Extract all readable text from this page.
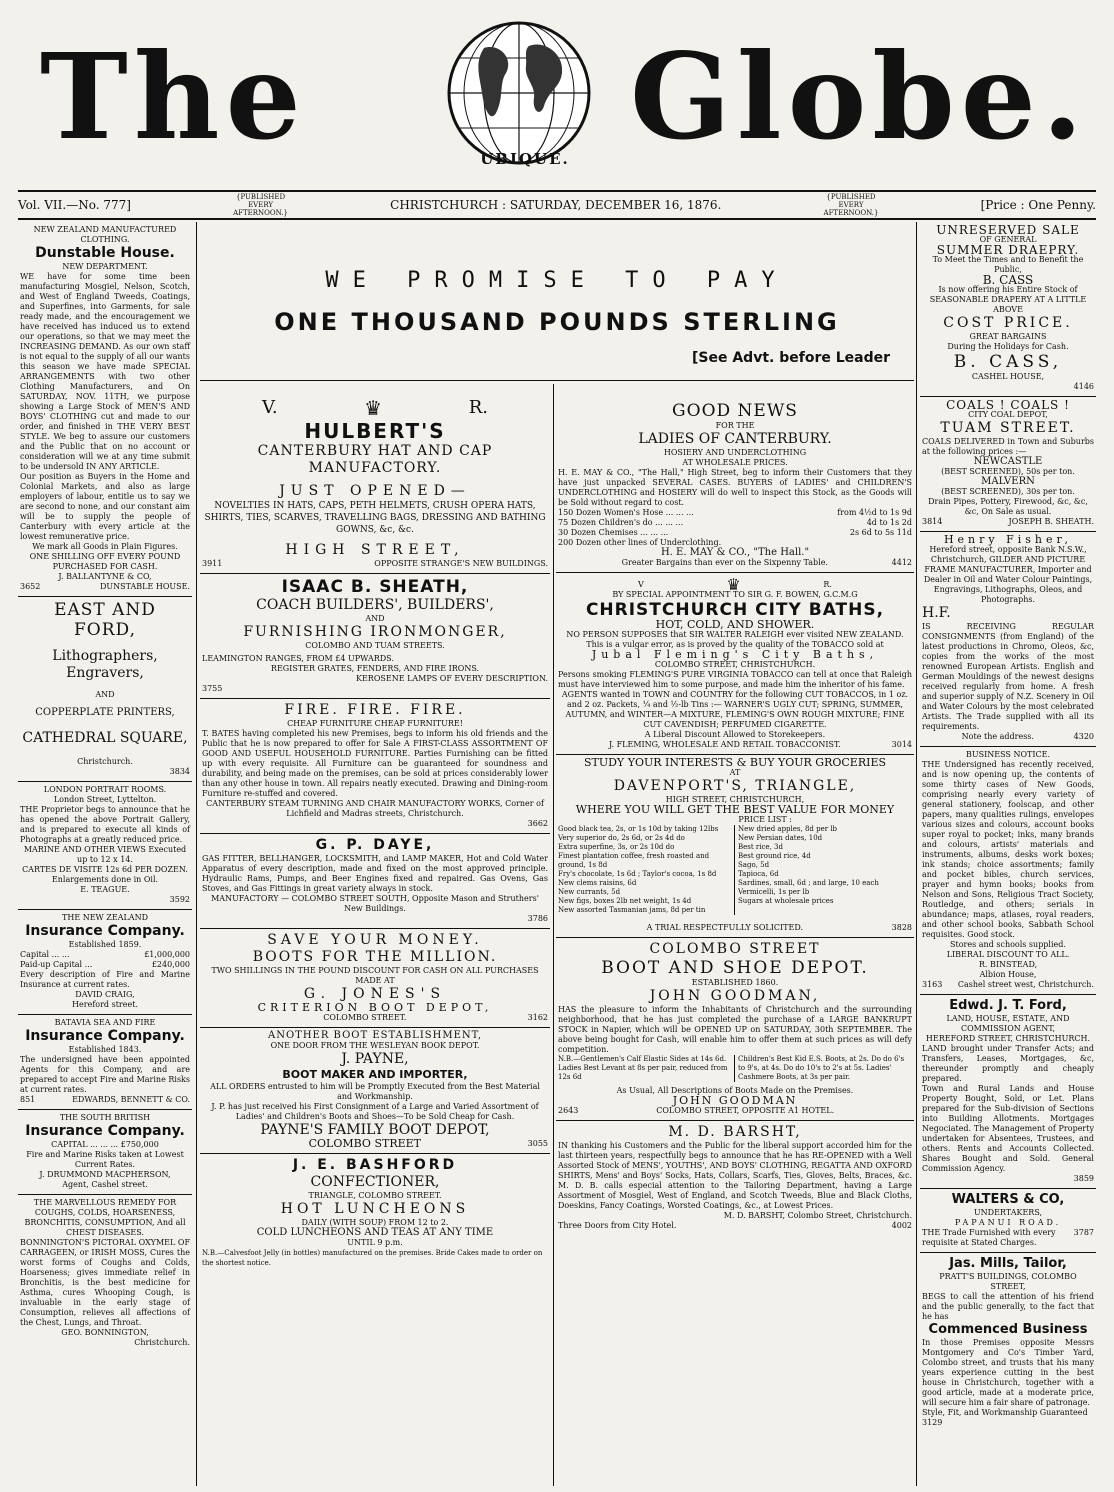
The	UBIQUE. Globe.
Vol. VII.—No. 777]
{PUBLISHED EVERY AFTERNOON.}
CHRISTCHURCH : SATURDAY, DECEMBER 16, 1876.
{PUBLISHED EVERY AFTERNOON.}
[Price : One Penny.
WE PROMISE TO PAY
ONE THOUSAND POUNDS STERLING
[See Advt. before Leader
NEW ZEALAND MANUFACTURED CLOTHING.
Dunstable House.
NEW DEPARTMENT.
WE have for some time been manufacturing Mosgiel, Nelson, Scotch, and West of England Tweeds, Coatings, and Superfines, into Garments, for sale ready made, and the encouragement we have received has induced us to extend our operations, so that we may meet the INCREASING DEMAND. As our own staff is not equal to the supply of all our wants this season we have made SPECIAL ARRANGEMENTS with two other Clothing Manufacturers, and On SATURDAY, NOV. 11TH, we purpose showing a Large Stock of MEN'S AND BOYS' CLOTHING cut and made to our order, and finished in THE VERY BEST STYLE. We beg to assure our customers and the Public that on no account or consideration will we at any time submit to be undersold IN ANY ARTICLE.
Our position as Buyers in the Home and Colonial Markets, and also as large employers of labour, entitle us to say we are second to none, and our constant aim will be to supply the people of Canterbury with every article at the lowest remunerative price.
We mark all Goods in Plain Figures.
ONE SHILLING OFF EVERY POUND PURCHASED FOR CASH.
J. BALLANTYNE & CO,
3652	DUNSTABLE HOUSE.
EAST AND FORD,
Lithographers, Engravers,
AND
COPPERPLATE PRINTERS,
CATHEDRAL SQUARE,
Christchurch.
3834
LONDON PORTRAIT ROOMS.
London Street, Lyttelton.
THE Proprietor begs to announce that he has opened the above Portrait Gallery, and is prepared to execute all kinds of Photographs at a greatly reduced price.
MARINE AND OTHER VIEWS Executed up to 12 x 14.
CARTES DE VISITE 12s 6d PER DOZEN.
Enlargements done in Oil.
E. TEAGUE.
3592
THE NEW ZEALAND
Insurance Company.
Established 1859.
Capital ... ...	£1,000,000
Paid-up Capital ...	£240,000
Every description of Fire and Marine Insurance at current rates.
DAVID CRAIG,
Hereford street.
BATAVIA SEA AND FIRE
Insurance Company.
Established 1843.
The undersigned have been appointed Agents for this Company, and are prepared to accept Fire and Marine Risks at current rates.
851	EDWARDS, BENNETT & CO.
THE SOUTH BRITISH
Insurance Company.
CAPITAL ... ... ... £750,000
Fire and Marine Risks taken at Lowest Current Rates.
J. DRUMMOND MACPHERSON,
Agent, Cashel street.
THE MARVELLOUS REMEDY FOR COUGHS, COLDS, HOARSENESS, BRONCHITIS, CONSUMPTION, And all CHEST DISEASES.
BONNINGTON'S PICTORAL OXYMEL OF CARRAGEEN, or IRISH MOSS, Cures the worst forms of Coughs and Colds, Hoarseness; gives immediate relief in Bronchitis, is the best medicine for Asthma, cures Whooping Cough, is invaluable in the early stage of Consumption, relieves all affections of the Chest, Lungs, and Throat.
GEO. BONNINGTON,
Christchurch.
V.	♛	R.
HULBERT'S
CANTERBURY HAT AND CAP MANUFACTORY.
JUST OPENED—
NOVELTIES IN HATS, CAPS, PETH HELMETS, CRUSH OPERA HATS, SHIRTS, TIES, SCARVES, TRAVELLING BAGS, DRESSING AND BATHING GOWNS, &c, &c.
HIGH STREET,
3911	OPPOSITE STRANGE'S NEW BUILDINGS.
ISAAC B. SHEATH,
COACH BUILDERS', BUILDERS',
AND
FURNISHING IRONMONGER,
COLOMBO AND TUAM STREETS.
LEAMINGTON RANGES, FROM £4 UPWARDS.
REGISTER GRATES, FENDERS, AND FIRE IRONS.
KEROSENE LAMPS OF EVERY DESCRIPTION.
3755
FIRE. FIRE. FIRE.
CHEAP FURNITURE CHEAP FURNITURE!
T. BATES having completed his new Premises, begs to inform his old friends and the Public that he is now prepared to offer for Sale A FIRST-CLASS ASSORTMENT OF GOOD AND USEFUL HOUSEHOLD FURNITURE. Parties Furnishing can be fitted up with every requisite. All Furniture can be guaranteed for soundness and durability, and being made on the premises, can be sold at prices considerably lower than any other house in town. All repairs neatly executed. Drawing and Dining-room Furniture re-stuffed and covered.
CANTERBURY STEAM TURNING AND CHAIR MANUFACTORY WORKS, Corner of Lichfield and Madras streets, Christchurch.
3662
G. P. DAYE,
GAS FITTER, BELLHANGER, LOCKSMITH, and LAMP MAKER, Hot and Cold Water Apparatus of every description, made and fixed on the most approved principle. Hydraulic Rams, Pumps, and Beer Engines fixed and repaired. Gas Ovens, Gas Stoves, and Gas Fittings in great variety always in stock.
MANUFACTORY — COLOMBO STREET SOUTH, Opposite Mason and Struthers' New Buildings.
3786
SAVE YOUR MONEY.
BOOTS FOR THE MILLION.
TWO SHILLINGS IN THE POUND DISCOUNT FOR CASH ON ALL PURCHASES MADE AT
G. JONES'S
CRITERION BOOT DEPOT,
COLOMBO STREET.	3162
ANOTHER BOOT ESTABLISHMENT,
ONE DOOR FROM THE WESLEYAN BOOK DEPOT.
J. PAYNE,
BOOT MAKER AND IMPORTER,
ALL ORDERS entrusted to him will be Promptly Executed from the Best Material and Workmanship.
J. P. has just received his First Consignment of a Large and Varied Assortment of Ladies' and Children's Boots and Shoes—To be Sold Cheap for Cash.
PAYNE'S FAMILY BOOT DEPOT,
COLOMBO STREET	3055
J. E. BASHFORD
CONFECTIONER,
TRIANGLE, COLOMBO STREET.
HOT LUNCHEONS
DAILY (WITH SOUP) FROM 12 to 2.
COLD LUNCHEONS AND TEAS AT ANY TIME
UNTIL 9 p.m.
N.B.—Calvesfoot Jelly (in bottles) manufactured on the premises. Bride Cakes made to order on the shortest notice.
GOOD NEWS
FOR THE
LADIES OF CANTERBURY.
HOSIERY AND UNDERCLOTHING
AT WHOLESALE PRICES.
H. E. MAY & CO., "The Hall," High Street, beg to inform their Customers that they have just unpacked SEVERAL CASES. BUYERS of LADIES' and CHILDREN'S UNDERCLOTHING and HOSIERY will do well to inspect this Stock, as the Goods will be Sold without regard to cost.
150 Dozen Women's Hose ... ... ...	from 4½d to 1s 9d
75 Dozen Children's do ... ... ...	4d to 1s 2d
30 Dozen Chemises ... ... ...	2s 6d to 5s 11d
200 Dozen other lines of Underclothing.
H. E. MAY & CO., "The Hall."
Greater Bargains than ever on the Sixpenny Table.	4412
V	♛	R.
BY SPECIAL APPOINTMENT TO SIR G. F. BOWEN, G.C.M.G
CHRISTCHURCH CITY BATHS,
HOT, COLD, AND SHOWER.
NO PERSON SUPPOSES that SIR WALTER RALEIGH ever visited NEW ZEALAND. This is a vulgar error, as is proved by the quality of the TOBACCO sold at
Jubal Fleming's City Baths,
COLOMBO STREET, CHRISTCHURCH.
Persons smoking FLEMING'S PURE VIRGINIA TOBACCO can tell at once that Raleigh must have interviewed him to some purpose, and made him the inheritor of his fame.
AGENTS wanted in TOWN and COUNTRY for the following CUT TOBACCOS, in 1 oz. and 2 oz. Packets, ¼ and ½-lb Tins :— WARNER'S UGLY CUT; SPRING, SUMMER, AUTUMN, and WINTER—A MIXTURE, FLEMING'S OWN ROUGH MIXTURE; FINE CUT CAVENDISH; PERFUMED CIGARETTE.
A Liberal Discount Allowed to Storekeepers.
J. FLEMING, WHOLESALE AND RETAIL TOBACCONIST.	3014
STUDY YOUR INTERESTS & BUY YOUR GROCERIES
AT
DAVENPORT'S, TRIANGLE,
HIGH STREET, CHRISTCHURCH,
WHERE YOU WILL GET THE BEST VALUE FOR MONEY
PRICE LIST :
Good black tea, 2s, or 1s 10d by taking 12lbs
Very superior do, 2s 6d, or 2s 4d do
Extra superfine, 3s, or 2s 10d do
Finest plantation coffee, fresh roasted and ground, 1s 8d
Fry's chocolate, 1s 6d ; Taylor's cocoa, 1s 8d
New clems raisins, 6d
New currants, 5d
New figs, boxes 2lb net weight, 1s 4d
New assorted Tasmanian jams, 8d per tin
New dried apples, 8d per lb
New Persian dates, 10d
Best rice, 3d
Best ground rice, 4d
Sago, 5d
Tapioca, 6d
Sardines, small, 6d ; and large, 10 each
Vermicelli, 1s per lb
Sugars at wholesale prices
A TRIAL RESPECTFULLY SOLICITED.	3828
COLOMBO STREET
BOOT AND SHOE DEPOT.
ESTABLISHED 1860.
JOHN GOODMAN,
HAS the pleasure to inform the Inhabitants of Christchurch and the surrounding neighborhood, that he has just completed the purchase of a LARGE BANKRUPT STOCK in Napier, which will be OPENED UP on SATURDAY, 30th SEPTEMBER. The above being bought for Cash, will enable him to offer them at such prices as will defy competition.
N.B.—Gentlemen's Calf Elastic Sides at 14s 6d. Ladies Best Levant at 8s per pair, reduced from 12s 6d
Children's Best Kid E.S. Boots, at 2s. Do do 6's to 9's, at 4s. Do do 10's to 2's at 5s. Ladies' Cashmere Boots, at 3s per pair.
As Usual, All Descriptions of Boots Made on the Premises.
JOHN GOODMAN
2643	COLOMBO STREET, OPPOSITE A1 HOTEL.
M. D. BARSHT,
IN thanking his Customers and the Public for the liberal support accorded him for the last thirteen years, respectfully begs to announce that he has RE-OPENED with a Well Assorted Stock of MENS', YOUTHS', AND BOYS' CLOTHING, REGATTA AND OXFORD SHIRTS, Mens' and Boys' Socks, Hats, Collars, Scarfs, Ties, Gloves, Belts, Braces, &c. M. D. B. calls especial attention to the Tailoring Department, having a Large Assortment of Mosgiel, West of England, and Scotch Tweeds, Blue and Black Cloths, Doeskins, Fancy Coatings, Worsted Coatings, &c., at Lowest Prices.
M. D. BARSHT, Colombo Street, Christchurch.
Three Doors from City Hotel.	4002
UNRESERVED SALE
OF GENERAL
SUMMER DRAEPRY.
To Meet the Times and to Benefit the Public,
B. CASS
Is now offering his Entire Stock of SEASONABLE DRAPERY AT A LITTLE ABOVE
COST PRICE.
GREAT BARGAINS
During the Holidays for Cash.
B. CASS,
CASHEL HOUSE,
4146
COALS ! COALS !
CITY COAL DEPOT,
TUAM STREET.
COALS DELIVERED in Town and Suburbs at the following prices :—
NEWCASTLE
(BEST SCREENED), 50s per ton.
MALVERN
(BEST SCREENED), 30s per ton.
Drain Pipes, Pottery, Firewood, &c, &c, &c, On Sale as usual.
3814	JOSEPH B. SHEATH.
Henry Fisher,
Hereford street, opposite Bank N.S.W., Christchurch, GILDER AND PICTURE FRAME MANUFACTURER, Importer and Dealer in Oil and Water Colour Paintings, Engravings, Lithographs, Oleos, and Photographs.
H.F.
IS RECEIVING REGULAR CONSIGNMENTS (from England) of the latest productions in Chromo, Oleos, &c, copies from the works of the most renowned European Artists. English and German Mouldings of the newest designs received regularly from home. A fresh and superior supply of N.Z. Scenery in Oil and Water Colours by the most celebrated Artists. The Trade supplied with all its requirements.
Note the address.	4320
BUSINESS NOTICE.
THE Undersigned has recently received, and is now opening up, the contents of some thirty cases of New Goods, comprising nearly every variety of general stationery, foolscap, and other papers, many qualities rulings, envelopes various sizes and colours, account books super royal to pocket; inks, many brands and colours, artists' materials and instruments, albums, desks work boxes; ink stands; choice assortments; family and pocket bibles, church services, prayer and hymn books; books from Nelson and Sons, Religious Tract Society, Routledge, and others; serials in abundance; maps, atlases, royal readers, and other school books, Sabbath School requisites. Good stock.
Stores and schools supplied.
LIBERAL DISCOUNT TO ALL.
R. BINSTEAD,
Albion House,
3163 Cashel street west, Christchurch.
Edwd. J. T. Ford,
LAND, HOUSE, ESTATE, AND COMMISSION AGENT,
HEREFORD STREET, CHRISTCHURCH.
LAND brought under Transfer Acts; and Transfers, Leases, Mortgages, &c, thereunder promptly and cheaply prepared.
Town and Rural Lands and House Property Bought, Sold, or Let. Plans prepared for the Sub-division of Sections into Building Allotments. Mortgages Negociated. The Management of Property undertaken for Absentees, Trustees, and others. Rents and Accounts Collected. Shares Bought and Sold. General Commission Agency.
3859
WALTERS & CO,
UNDERTAKERS,
PAPANUI ROAD.
THE Trade Furnished with every requisite at Stated Charges.
3787
Jas. Mills, Tailor,
PRATT'S BUILDINGS, COLOMBO STREET,
BEGS to call the attention of his friend and the public generally, to the fact that he has
Commenced Business
In those Premises opposite Messrs Montgomery and Co's Timber Yard, Colombo street, and trusts that his many years experience cutting in the best house in Christchurch, together with a good article, made at a moderate price, will secure him a fair share of patronage.
Style, Fit, and Workmanship Guaranteed
3129
